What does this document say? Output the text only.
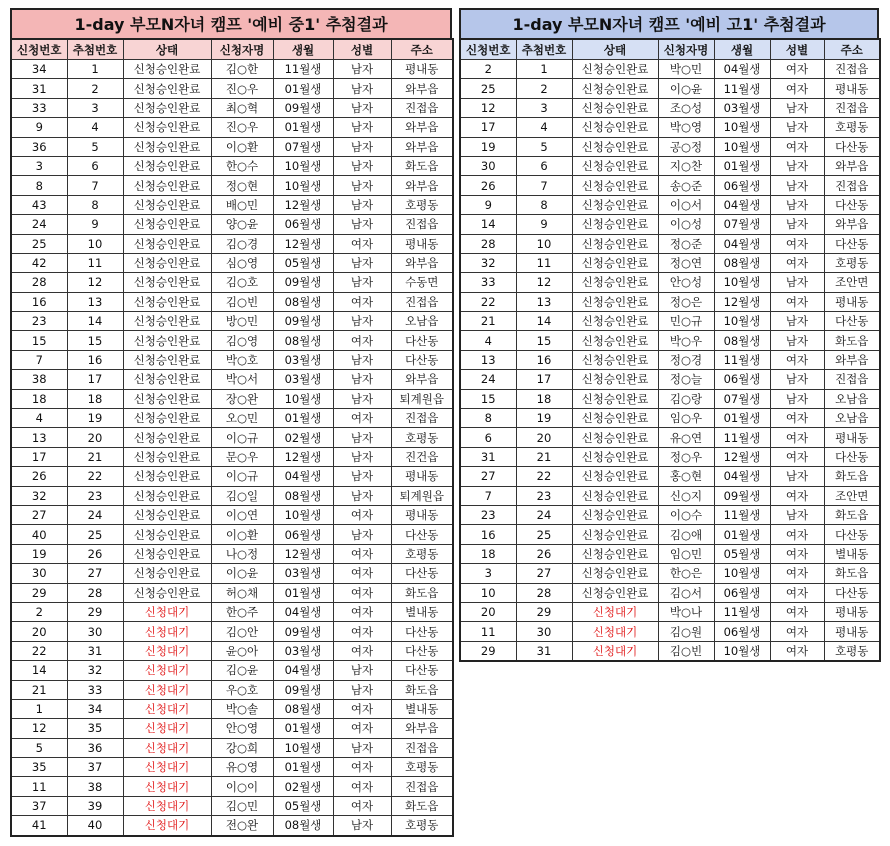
1-day 부모N자녀 캠프 '예비 중1' 추첨결과
신청번호	추첨번호	상태	신청자명	생월	성별	주소
34	1	신청승인완료	김○한	11월생	남자	평내동
31	2	신청승인완료	진○우	01월생	남자	와부읍
33	3	신청승인완료	최○혁	09월생	남자	진접읍
9	4	신청승인완료	진○우	01월생	남자	와부읍
36	5	신청승인완료	이○환	07월생	남자	와부읍
3	6	신청승인완료	한○수	10월생	남자	화도읍
8	7	신청승인완료	정○현	10월생	남자	와부읍
43	8	신청승인완료	배○민	12월생	남자	호평동
24	9	신청승인완료	양○윤	06월생	남자	진접읍
25	10	신청승인완료	김○경	12월생	여자	평내동
42	11	신청승인완료	심○영	05월생	남자	와부읍
28	12	신청승인완료	김○호	09월생	남자	수동면
16	13	신청승인완료	김○빈	08월생	여자	진접읍
23	14	신청승인완료	방○민	09월생	남자	오남읍
15	15	신청승인완료	김○영	08월생	여자	다산동
7	16	신청승인완료	박○호	03월생	남자	다산동
38	17	신청승인완료	박○서	03월생	남자	와부읍
18	18	신청승인완료	장○완	10월생	남자	퇴계원읍
4	19	신청승인완료	오○민	01월생	여자	진접읍
13	20	신청승인완료	이○규	02월생	남자	호평동
17	21	신청승인완료	문○우	12월생	남자	진건읍
26	22	신청승인완료	이○규	04월생	남자	평내동
32	23	신청승인완료	김○일	08월생	남자	퇴계원읍
27	24	신청승인완료	이○연	10월생	여자	평내동
40	25	신청승인완료	이○환	06월생	남자	다산동
19	26	신청승인완료	나○정	12월생	여자	호평동
30	27	신청승인완료	이○윤	03월생	여자	다산동
29	28	신청승인완료	허○채	01월생	여자	화도읍
2	29	신청대기	한○주	04월생	여자	별내동
20	30	신청대기	김○안	09월생	여자	다산동
22	31	신청대기	윤○아	03월생	여자	다산동
14	32	신청대기	김○윤	04월생	남자	다산동
21	33	신청대기	우○호	09월생	남자	화도읍
1	34	신청대기	박○솔	08월생	여자	별내동
12	35	신청대기	안○영	01월생	여자	와부읍
5	36	신청대기	강○희	10월생	남자	진접읍
35	37	신청대기	유○영	01월생	여자	호평동
11	38	신청대기	이○이	02월생	여자	진접읍
37	39	신청대기	김○민	05월생	여자	화도읍
41	40	신청대기	전○완	08월생	남자	호평동
1-day 부모N자녀 캠프 '예비 고1' 추첨결과
신청번호	추첨번호	상태	신청자명	생월	성별	주소
2	1	신청승인완료	박○민	04월생	여자	진접읍
25	2	신청승인완료	이○윤	11월생	여자	평내동
12	3	신청승인완료	조○성	03월생	남자	진접읍
17	4	신청승인완료	박○영	10월생	남자	호평동
19	5	신청승인완료	공○정	10월생	여자	다산동
30	6	신청승인완료	지○찬	01월생	남자	와부읍
26	7	신청승인완료	송○준	06월생	남자	진접읍
9	8	신청승인완료	이○서	04월생	남자	다산동
14	9	신청승인완료	이○성	07월생	남자	와부읍
28	10	신청승인완료	정○준	04월생	여자	다산동
32	11	신청승인완료	정○연	08월생	여자	호평동
33	12	신청승인완료	안○성	10월생	남자	조안면
22	13	신청승인완료	정○은	12월생	여자	평내동
21	14	신청승인완료	민○규	10월생	남자	다산동
4	15	신청승인완료	박○우	08월생	남자	화도읍
13	16	신청승인완료	정○경	11월생	여자	와부읍
24	17	신청승인완료	정○늘	06월생	남자	진접읍
15	18	신청승인완료	김○랑	07월생	남자	오남읍
8	19	신청승인완료	임○우	01월생	여자	오남읍
6	20	신청승인완료	유○연	11월생	여자	평내동
31	21	신청승인완료	정○우	12월생	여자	다산동
27	22	신청승인완료	홍○현	04월생	남자	화도읍
7	23	신청승인완료	신○지	09월생	여자	조안면
23	24	신청승인완료	이○수	11월생	남자	화도읍
16	25	신청승인완료	김○애	01월생	여자	다산동
18	26	신청승인완료	임○민	05월생	여자	별내동
3	27	신청승인완료	한○은	10월생	여자	화도읍
10	28	신청승인완료	김○서	06월생	여자	다산동
20	29	신청대기	박○나	11월생	여자	평내동
11	30	신청대기	김○원	06월생	여자	평내동
29	31	신청대기	김○빈	10월생	여자	호평동
